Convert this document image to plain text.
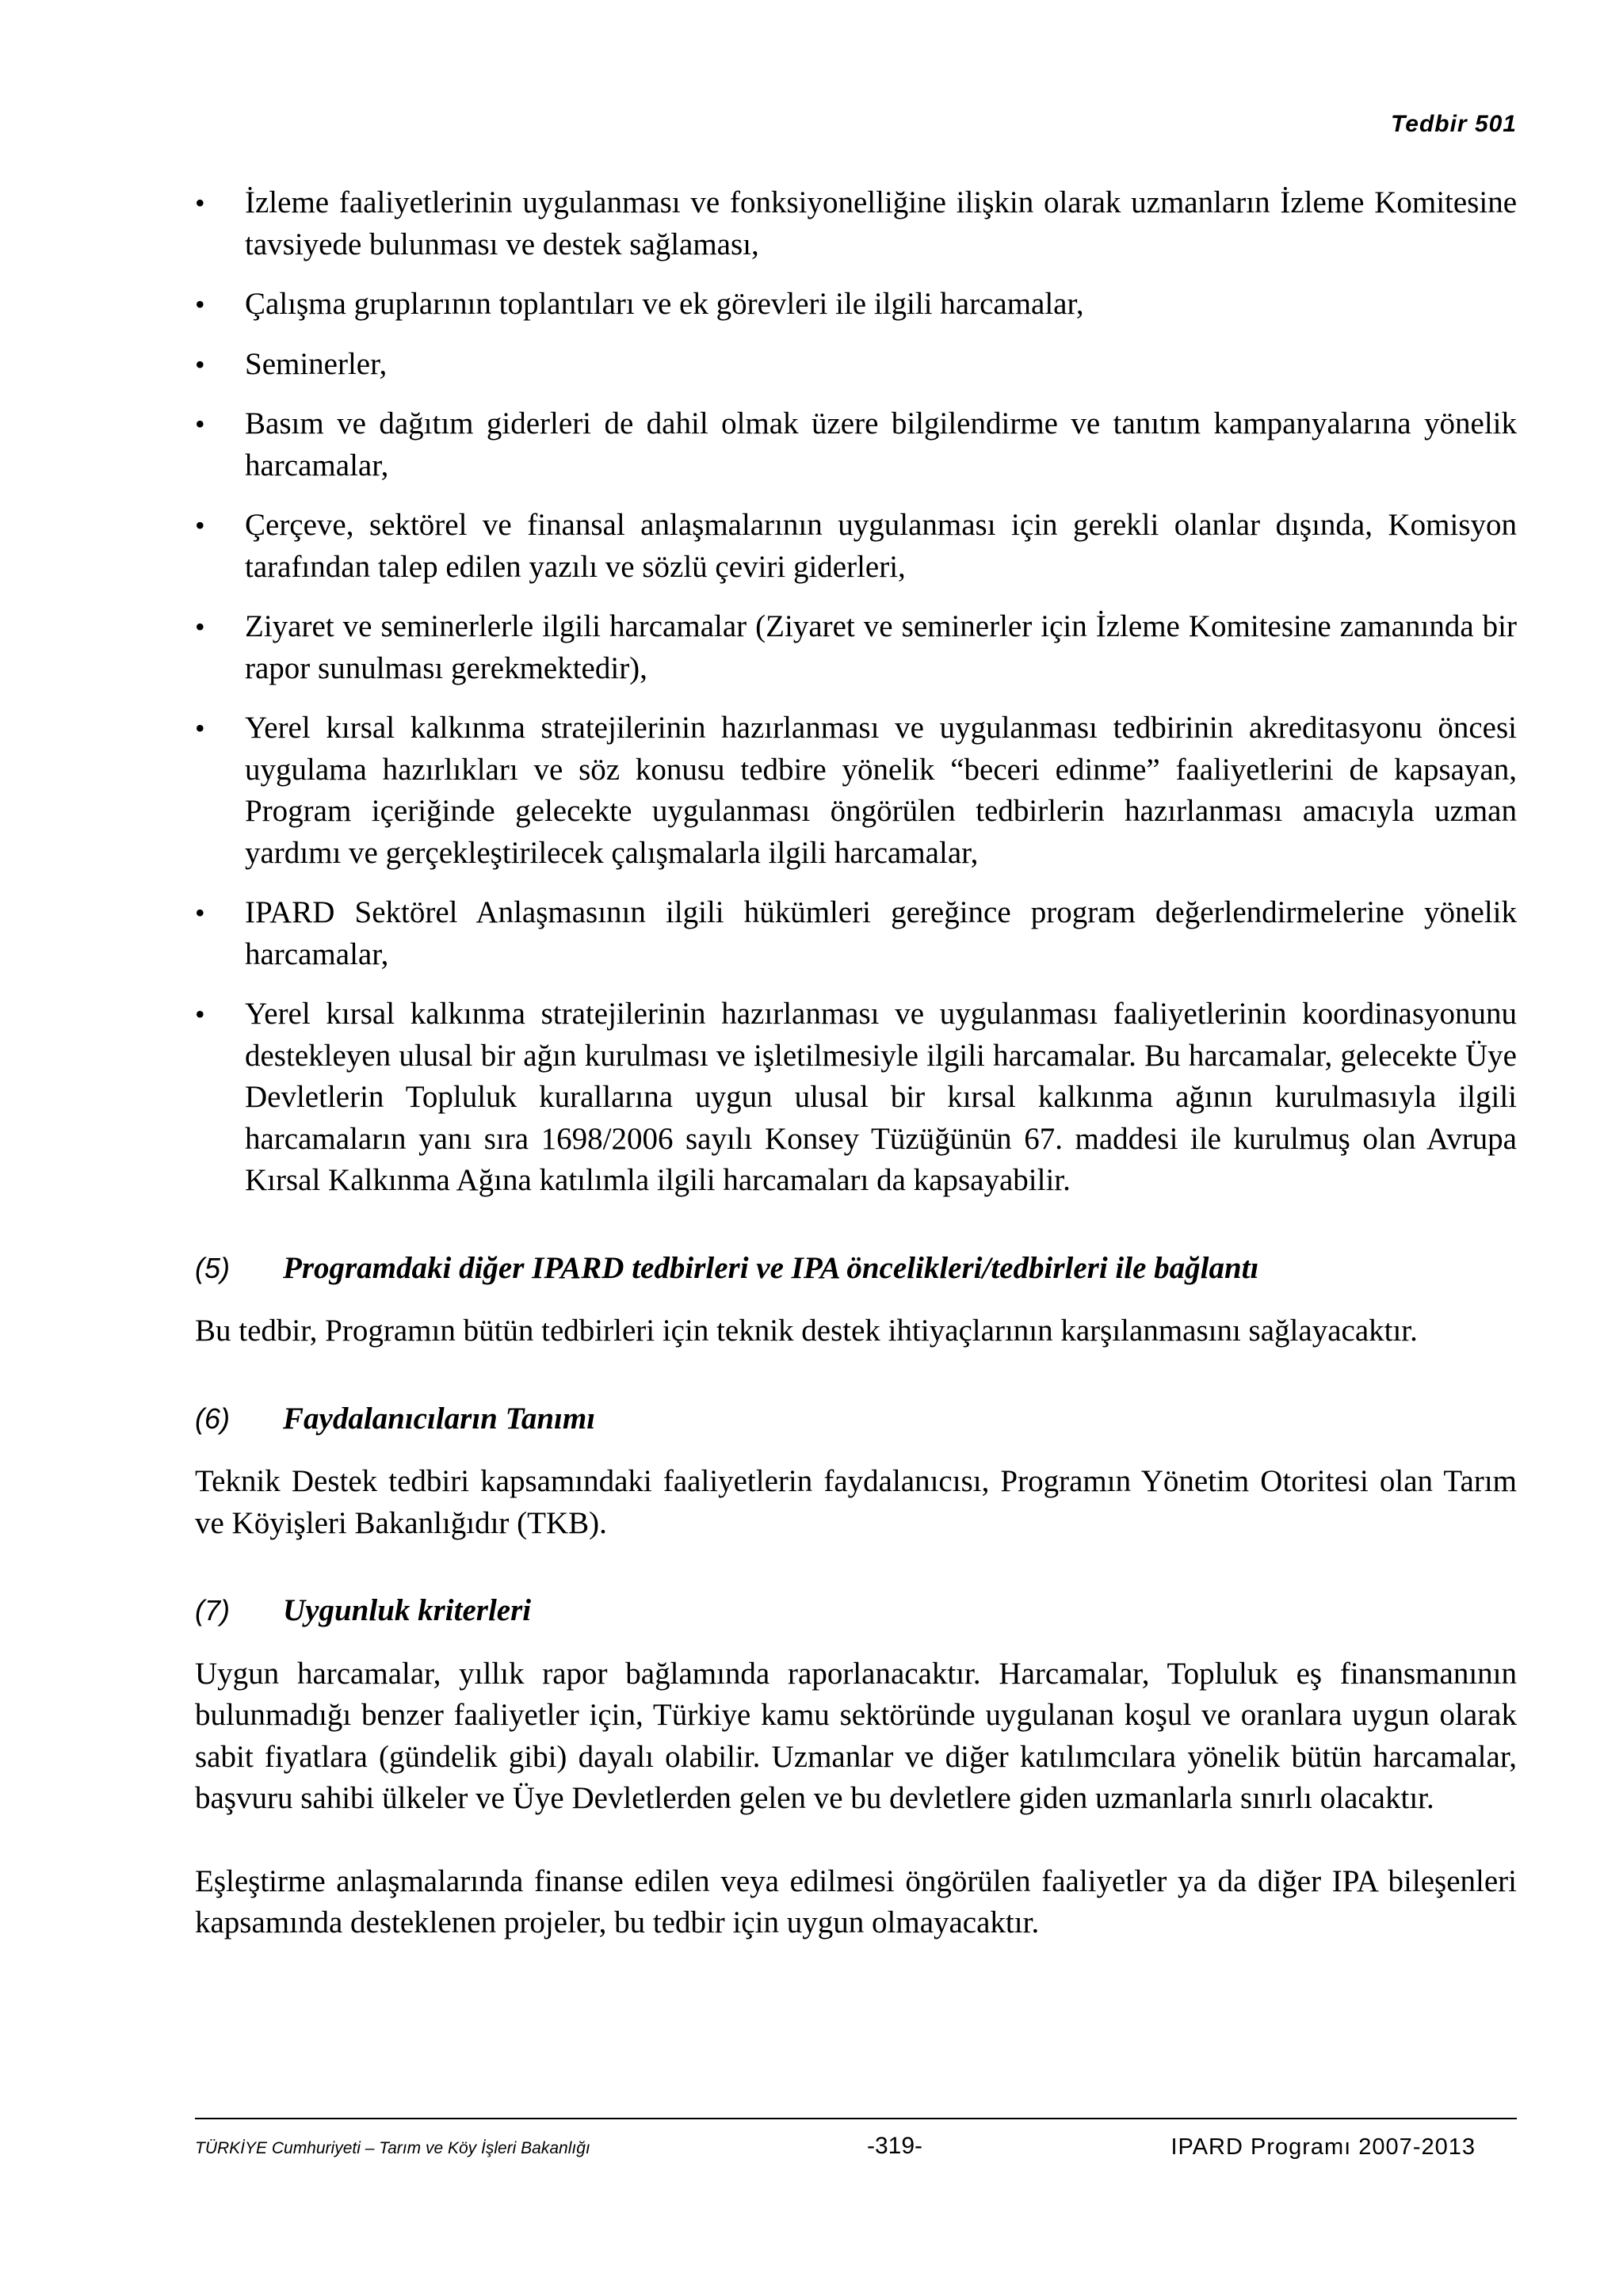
Tedbir 501
• İzleme faaliyetlerinin uygulanması ve fonksiyonelliğine ilişkin olarak uzmanların İzleme Komitesine tavsiyede bulunması ve destek sağlaması,
• Çalışma gruplarının toplantıları ve ek görevleri ile ilgili harcamalar,
• Seminerler,
• Basım ve dağıtım giderleri de dahil olmak üzere bilgilendirme ve tanıtım kampanyalarına yönelik harcamalar,
• Çerçeve, sektörel ve finansal anlaşmalarının uygulanması için gerekli olanlar dışında, Komisyon tarafından talep edilen yazılı ve sözlü çeviri giderleri,
• Ziyaret ve seminerlerle ilgili harcamalar (Ziyaret ve seminerler için İzleme Komitesine zamanında bir rapor sunulması gerekmektedir),
• Yerel kırsal kalkınma stratejilerinin hazırlanması ve uygulanması tedbirinin akreditasyonu öncesi uygulama hazırlıkları ve söz konusu tedbire yönelik “beceri edinme” faaliyetlerini de kapsayan, Program içeriğinde gelecekte uygulanması öngörülen tedbirlerin hazırlanması amacıyla uzman yardımı ve gerçekleştirilecek çalışmalarla ilgili harcamalar,
• IPARD Sektörel Anlaşmasının ilgili hükümleri gereğince program değerlendirmelerine yönelik harcamalar,
• Yerel kırsal kalkınma stratejilerinin hazırlanması ve uygulanması faaliyetlerinin koordinasyonunu destekleyen ulusal bir ağın kurulması ve işletilmesiyle ilgili harcamalar. Bu harcamalar, gelecekte Üye Devletlerin Topluluk kurallarına uygun ulusal bir kırsal kalkınma ağının kurulmasıyla ilgili harcamaların yanı sıra 1698/2006 sayılı Konsey Tüzüğünün 67. maddesi ile kurulmuş olan Avrupa Kırsal Kalkınma Ağına katılımla ilgili harcamaları da kapsayabilir.
(5)	Programdaki diğer IPARD tedbirleri ve IPA öncelikleri/tedbirleri ile bağlantı

Bu tedbir, Programın bütün tedbirleri için teknik destek ihtiyaçlarının karşılanmasını sağlayacaktır.

(6)	Faydalanıcıların Tanımı

Teknik Destek tedbiri kapsamındaki faaliyetlerin faydalanıcısı, Programın Yönetim Otoritesi olan Tarım ve Köyişleri Bakanlığıdır (TKB).

(7)	Uygunluk kriterleri

Uygun harcamalar, yıllık rapor bağlamında raporlanacaktır. Harcamalar, Topluluk eş finansmanının bulunmadığı benzer faaliyetler için, Türkiye kamu sektöründe uygulanan koşul ve oranlara uygun olarak sabit fiyatlara (gündelik gibi) dayalı olabilir. Uzmanlar ve diğer katılımcılara yönelik bütün harcamalar, başvuru sahibi ülkeler ve Üye Devletlerden gelen ve bu devletlere giden uzmanlarla sınırlı olacaktır.

Eşleştirme anlaşmalarında finanse edilen veya edilmesi öngörülen faaliyetler ya da diğer IPA bileşenleri kapsamında desteklenen projeler, bu tedbir için uygun olmayacaktır.

TÜRKİYE Cumhuriyeti – Tarım ve Köy İşleri Bakanlığı	-319-	IPARD Programı 2007-2013
